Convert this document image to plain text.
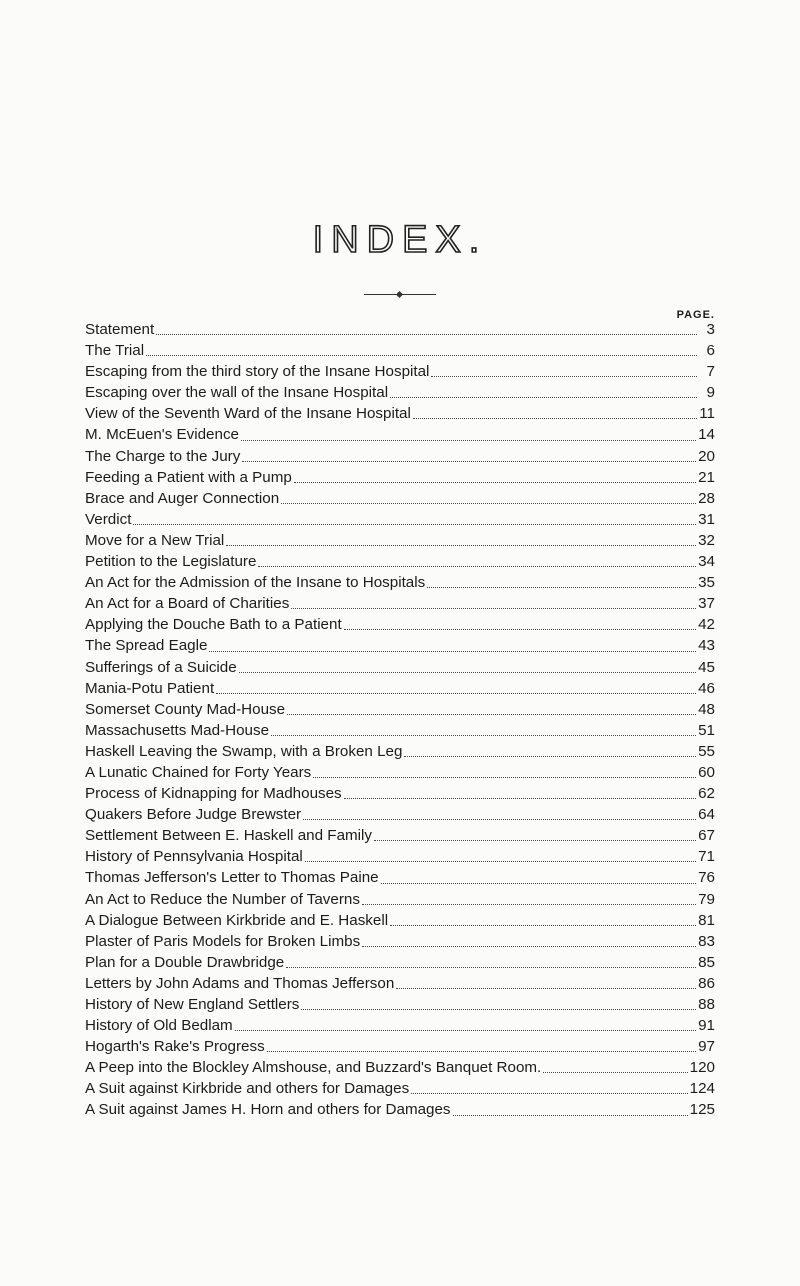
INDEX.
PAGE.
Statement	3
The Trial	6
Escaping from the third story of the Insane Hospital	7
Escaping over the wall of the Insane Hospital	9
View of the Seventh Ward of the Insane Hospital	11
M. McEuen's Evidence	14
The Charge to the Jury	20
Feeding a Patient with a Pump	21
Brace and Auger Connection	28
Verdict	31
Move for a New Trial	32
Petition to the Legislature	34
An Act for the Admission of the Insane to Hospitals	35
An Act for a Board of Charities	37
Applying the Douche Bath to a Patient	42
The Spread Eagle	43
Sufferings of a Suicide	45
Mania-Potu Patient	46
Somerset County Mad-House	48
Massachusetts Mad-House	51
Haskell Leaving the Swamp, with a Broken Leg	55
A Lunatic Chained for Forty Years	60
Process of Kidnapping for Madhouses	62
Quakers Before Judge Brewster	64
Settlement Between E. Haskell and Family	67
History of Pennsylvania Hospital	71
Thomas Jefferson's Letter to Thomas Paine	76
An Act to Reduce the Number of Taverns	79
A Dialogue Between Kirkbride and E. Haskell	81
Plaster of Paris Models for Broken Limbs	83
Plan for a Double Drawbridge	85
Letters by John Adams and Thomas Jefferson	86
History of New England Settlers	88
History of Old Bedlam	91
Hogarth's Rake's Progress	97
A Peep into the Blockley Almshouse, and Buzzard's Banquet Room.	120
A Suit against Kirkbride and others for Damages	124
A Suit against James H. Horn and others for Damages	125
